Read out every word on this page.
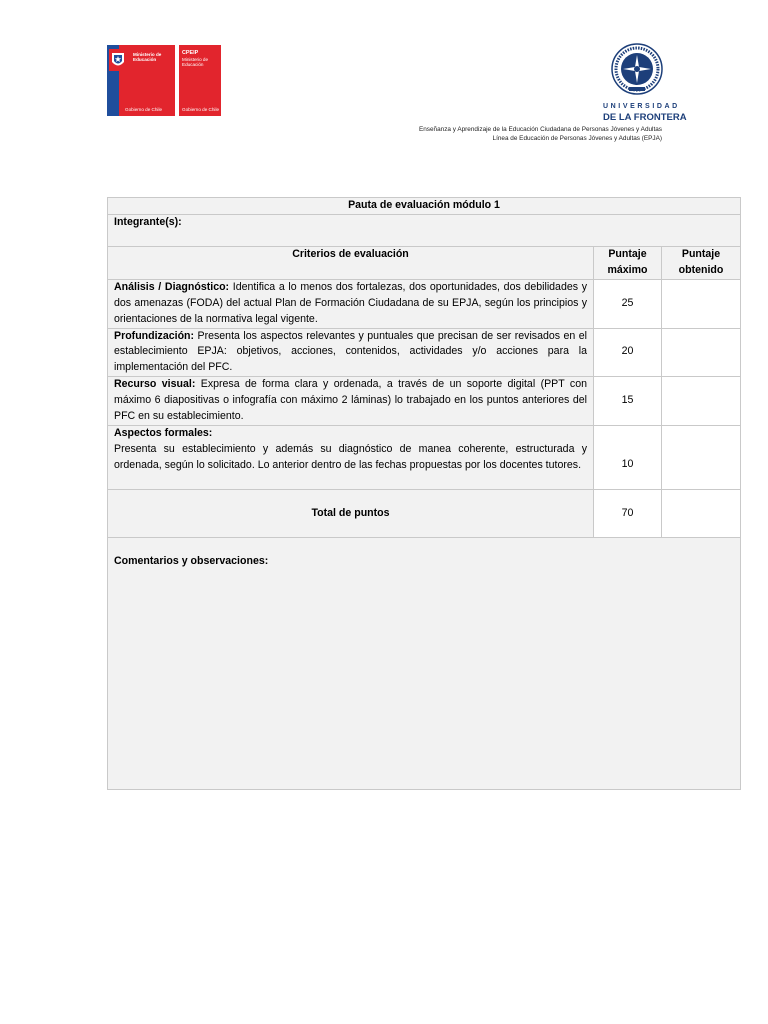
Ministerio de
Educación
Gobierno de Chile
CPEIP
Ministerio de
Educación
Gobierno de Chile	UNIVERSIDAD
DE LA FRONTERA
Enseñanza y Aprendizaje de la Educación Ciudadana de Personas Jóvenes y Adultas
Línea de Educación de Personas Jóvenes y Adultas (EPJA)
Pauta de evaluación módulo 1		
Integrante(s):		
Criterios de evaluación	Puntaje máximo	Puntaje obtenido
Análisis / Diagnóstico: Identifica a lo menos dos fortalezas, dos oportunidades, dos debilidades y dos amenazas (FODA) del actual Plan de Formación Ciudadana de su EPJA, según los principios y orientaciones de la normativa legal vigente.	25	
Profundización: Presenta los aspectos relevantes y puntuales que precisan de ser revisados en el establecimiento EPJA: objetivos, acciones, contenidos, actividades y/o acciones para la implementación del PFC.	20	
Recurso visual: Expresa de forma clara y ordenada, a través de un soporte digital (PPT con máximo 6 diapositivas o infografía con máximo 2 láminas) lo trabajado en los puntos anteriores del PFC en su establecimiento.	15	

Aspectos formales:
Presenta su establecimiento y además su diagnóstico de manea coherente, estructurada y ordenada, según lo solicitado. Lo anterior dentro de las fechas propuestas por los docentes tutores.	10	
Total de puntos	70	
Comentarios y observaciones:		
